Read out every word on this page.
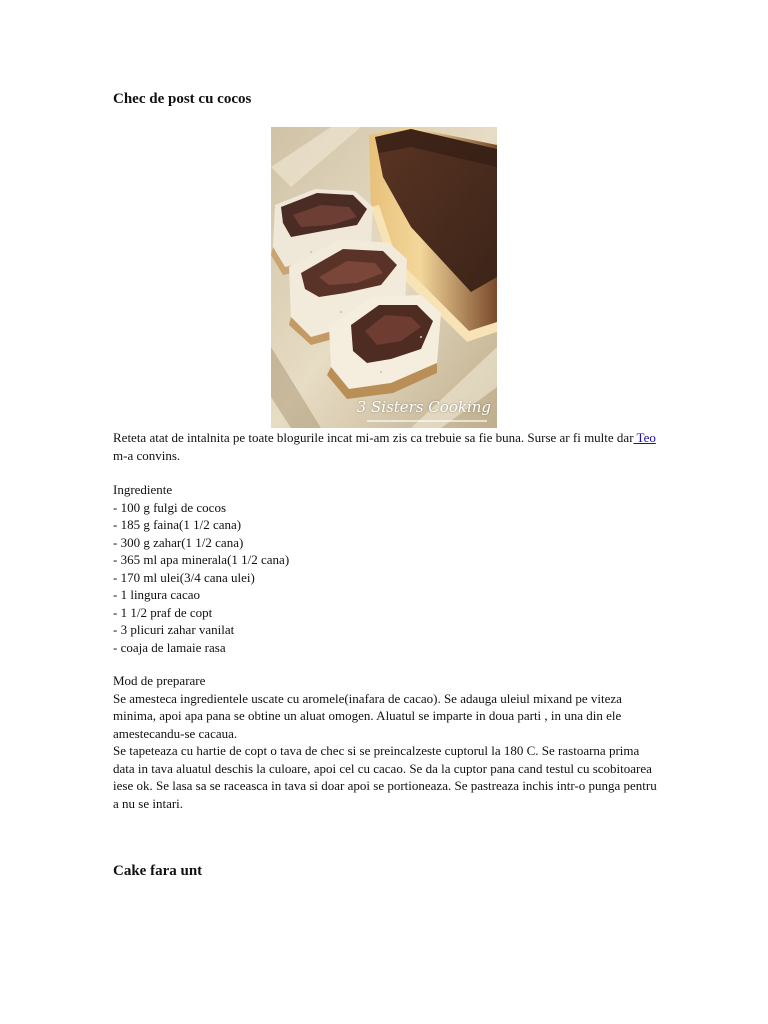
Chec de post cu cocos
3 Sisters Cooking

Reteta atat de intalnita pe toate blogurile incat mi-am zis ca trebuie sa fie buna. Surse ar fi multe dar Teo m-a convins.

Ingrediente

- 100 g fulgi de cocos
- 185 g faina(1 1/2 cana)
- 300 g zahar(1 1/2 cana)
- 365 ml apa minerala(1 1/2 cana)
- 170 ml ulei(3/4 cana ulei)
- 1 lingura cacao
- 1 1/2 praf de copt
- 3 plicuri zahar vanilat
- coaja de lamaie rasa

Mod de preparare

Se amesteca ingredientele uscate cu aromele(inafara de cacao). Se adauga uleiul mixand pe viteza minima, apoi apa pana se obtine un aluat omogen. Aluatul se imparte in doua parti , in una din ele amestecandu-se cacaua.

Se tapeteaza cu hartie de copt o tava de chec si se preincalzeste cuptorul la 180 C. Se rastoarna prima data in tava aluatul deschis la culoare, apoi cel cu cacao. Se da la cuptor pana cand testul cu scobitoarea iese ok. Se lasa sa se raceasca in tava si doar apoi se portioneaza. Se pastreaza inchis intr-o punga pentru a nu se intari.

Cake fara unt
